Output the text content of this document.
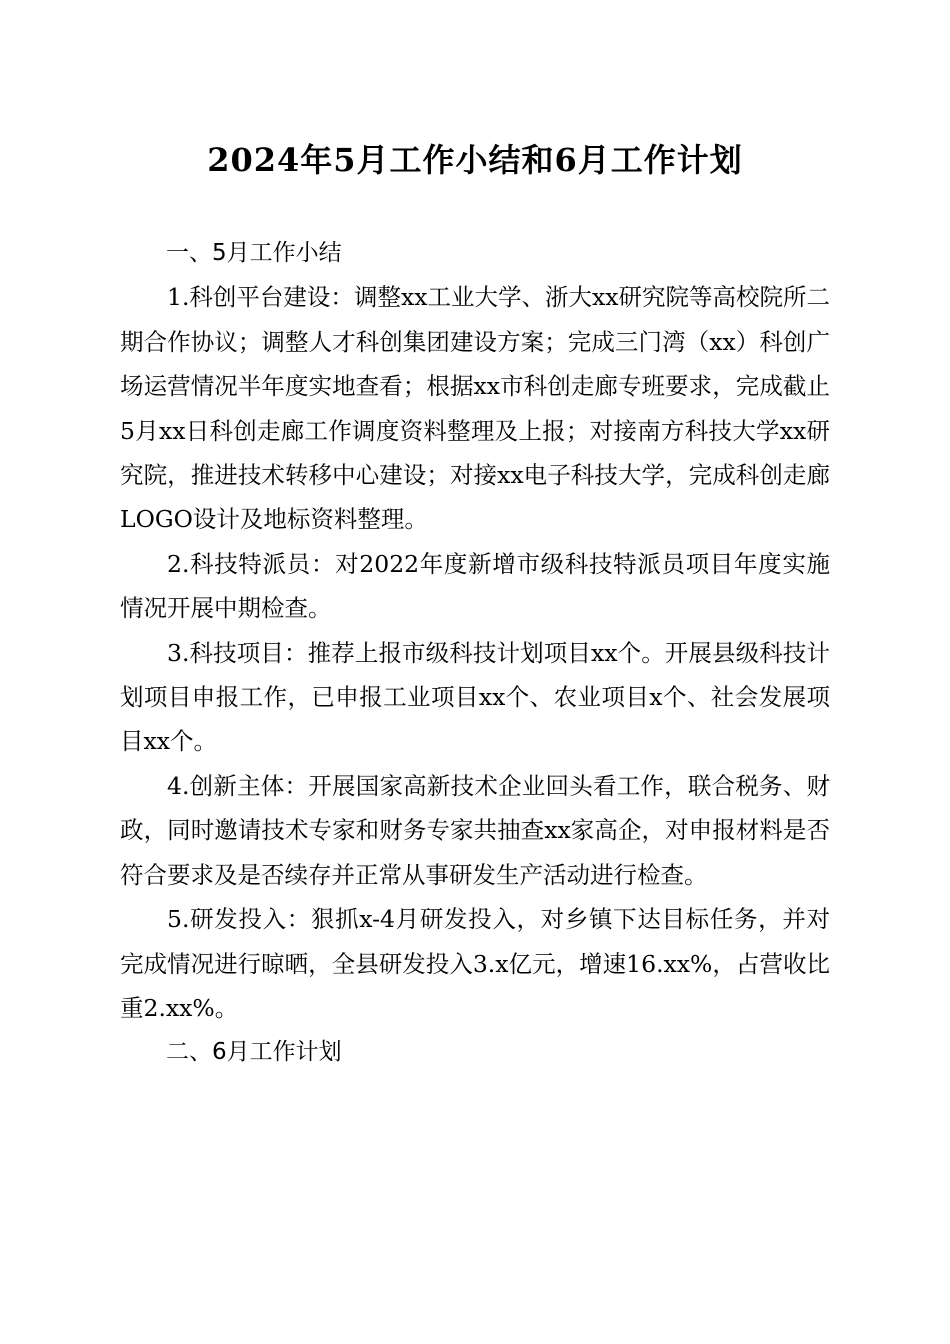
2024年5月工作小结和6月工作计划

一、5月工作小结

1.科创平台建设：调整xx工业大学、浙大xx研究院等高校院所二期合作协议；调整人才科创集团建设方案；完成三门湾（xx）科创广场运营情况半年度实地查看；根据xx市科创走廊专班要求，完成截止5月xx日科创走廊工作调度资料整理及上报；对接南方科技大学xx研究院，推进技术转移中心建设；对接xx电子科技大学，完成科创走廊LOGO设计及地标资料整理。

2.科技特派员：对2022年度新增市级科技特派员项目年度实施情况开展中期检查。

3.科技项目：推荐上报市级科技计划项目xx个。开展县级科技计划项目申报工作，已申报工业项目xx个、农业项目x个、社会发展项目xx个。

4.创新主体：开展国家高新技术企业回头看工作，联合税务、财政，同时邀请技术专家和财务专家共抽查xx家高企，对申报材料是否符合要求及是否续存并正常从事研发生产活动进行检查。

5.研发投入：狠抓x-4月研发投入，对乡镇下达目标任务，并对完成情况进行晾晒，全县研发投入3.x亿元，增速16.xx%，占营收比重2.xx%。

二、6月工作计划
